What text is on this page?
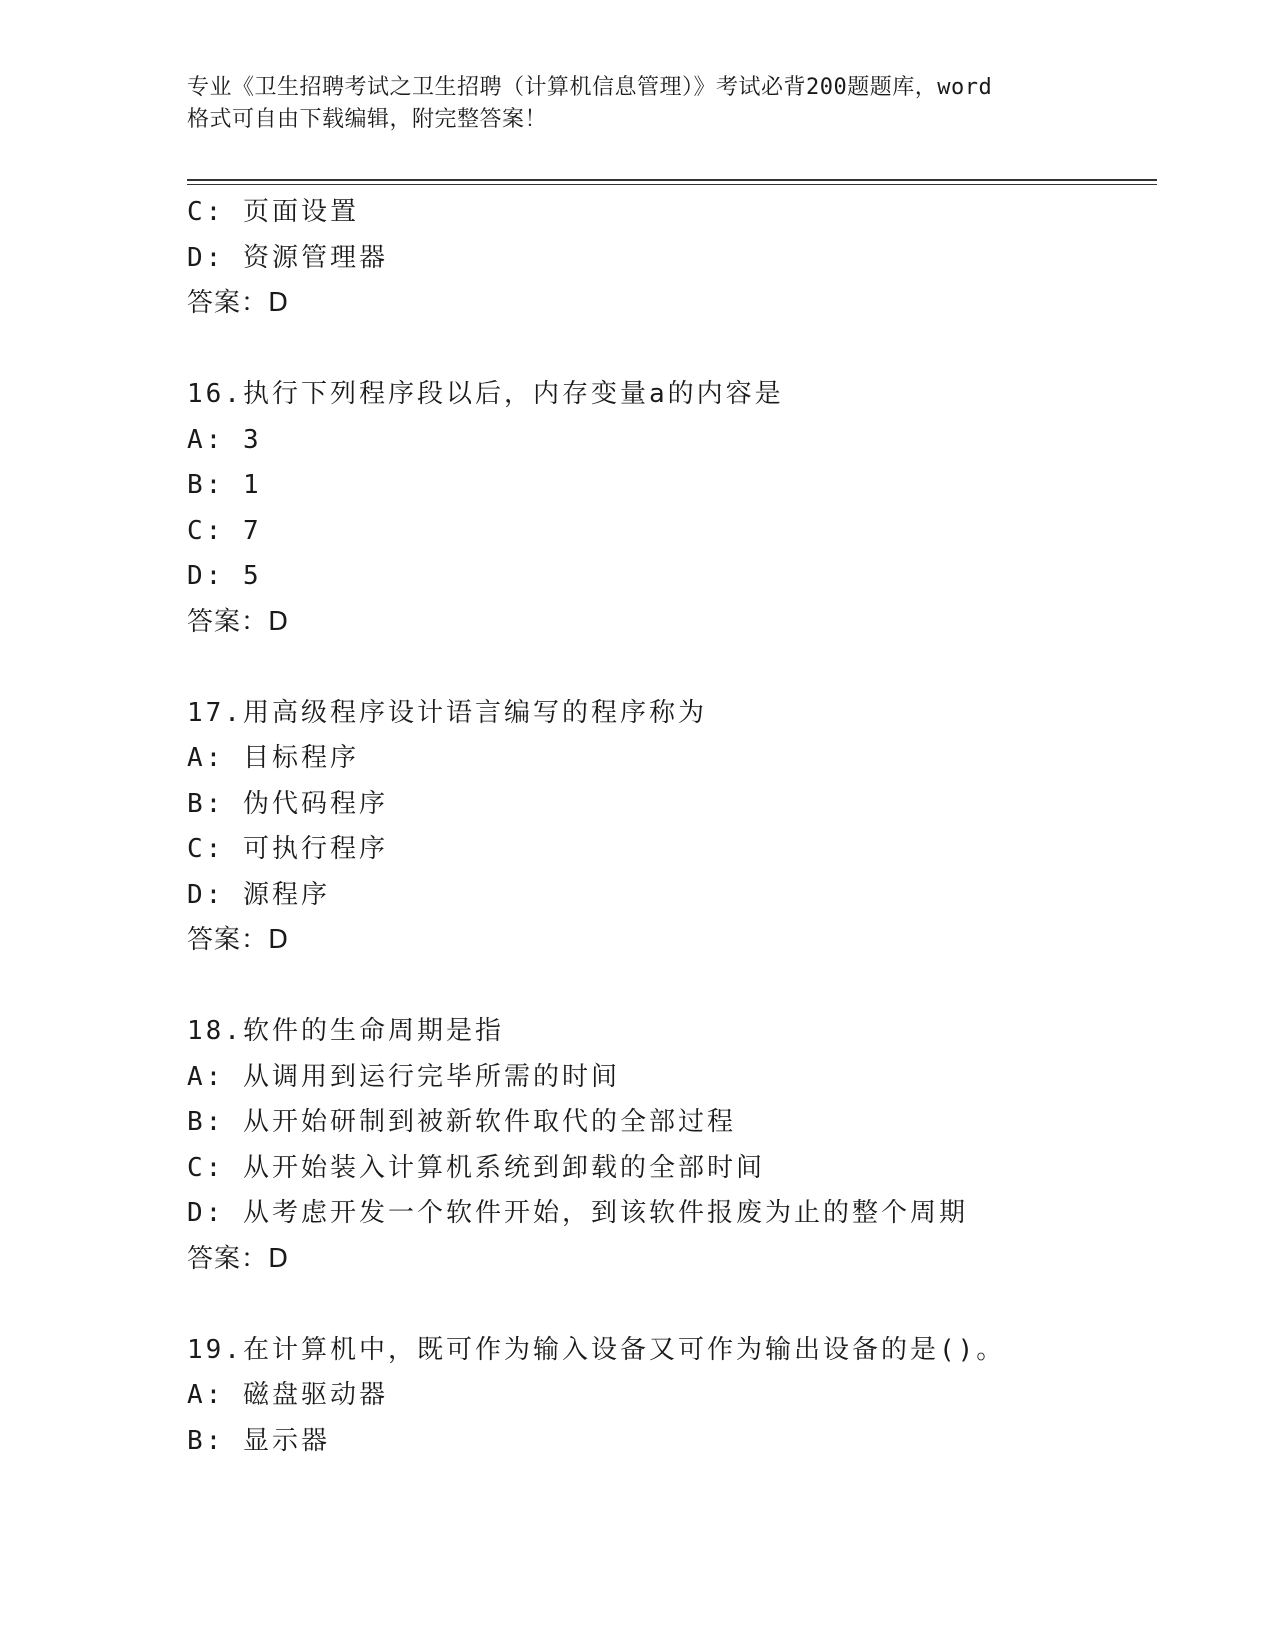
专业《卫生招聘考试之卫生招聘（计算机信息管理）》考试必背200题题库，word
格式可自由下载编辑，附完整答案！
C: 页面设置
D: 资源管理器
答案：D
16.执行下列程序段以后，内存变量a的内容是
A: 3
B: 1
C: 7
D: 5
答案：D
17.用高级程序设计语言编写的程序称为
A: 目标程序
B: 伪代码程序
C: 可执行程序
D: 源程序
答案：D
18.软件的生命周期是指
A: 从调用到运行完毕所需的时间
B: 从开始研制到被新软件取代的全部过程
C: 从开始装入计算机系统到卸载的全部时间
D: 从考虑开发一个软件开始，到该软件报废为止的整个周期
答案：D
19.在计算机中，既可作为输入设备又可作为输出设备的是()。
A: 磁盘驱动器
B: 显示器
